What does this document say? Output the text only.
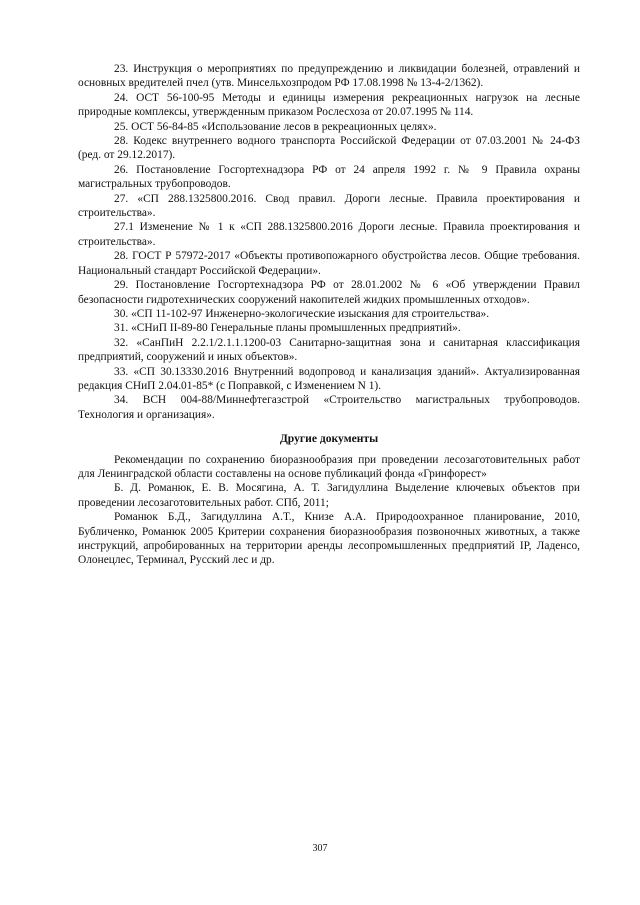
23. Инструкция о мероприятиях по предупреждению и ликвидации болезней, отравлений и основных вредителей пчел (утв. Минсельхозпродом РФ 17.08.1998 № 13-4-2/1362).

24. ОСТ 56-100-95 Методы и единицы измерения рекреационных нагрузок на лесные природные комплексы, утвержденным приказом Рослесхоза от 20.07.1995 № 114.

25. ОСТ 56-84-85 «Использование лесов в рекреационных целях».

28. Кодекс внутреннего водного транспорта Российской Федерации от 07.03.2001 № 24-ФЗ (ред. от 29.12.2017).

26. Постановление Госгортехнадзора РФ от 24 апреля 1992 г. № 9 Правила охраны магистральных трубопроводов.

27. «СП 288.1325800.2016. Свод правил. Дороги лесные. Правила проектирования и строительства».

27.1 Изменение № 1 к «СП 288.1325800.2016 Дороги лесные. Правила проектирования и строительства».

28. ГОСТ Р 57972-2017 «Объекты противопожарного обустройства лесов. Общие требования. Национальный стандарт Российской Федерации».

29. Постановление Госгортехнадзора РФ от 28.01.2002 № 6 «Об утверждении Правил безопасности гидротехнических сооружений накопителей жидких промышленных отходов».

30. «СП 11-102-97 Инженерно-экологические изыскания для строительства».

31. «СНиП II-89-80 Генеральные планы промышленных предприятий».

32. «СанПиН 2.2.1/2.1.1.1200-03 Санитарно-защитная зона и санитарная классификация предприятий, сооружений и иных объектов».

33. «СП 30.13330.2016 Внутренний водопровод и канализация зданий». Актуализированная редакция СНиП 2.04.01-85* (с Поправкой, с Изменением N 1).

34. ВСН 004-88/Миннефтегазстрой «Строительство магистральных трубопроводов. Технология и организация».

Другие документы

Рекомендации по сохранению биоразнообразия при проведении лесозаготовительных работ для Ленинградской области составлены на основе публикаций фонда «Гринфорест»

Б. Д. Романюк, Е. В. Мосягина, А. Т. Загидуллина Выделение ключевых объектов при проведении лесозаготовительных работ. СПб, 2011;

Романюк Б.Д., Загидуллина А.Т., Книзе А.А. Природоохранное планирование, 2010, Бубличенко, Романюк 2005 Критерии сохранения биоразнообразия позвоночных животных, а также инструкций, апробированных на территории аренды лесопромышленных предприятий IP, Ладенсо, Олонецлес, Терминал, Русский лес и др.

307
